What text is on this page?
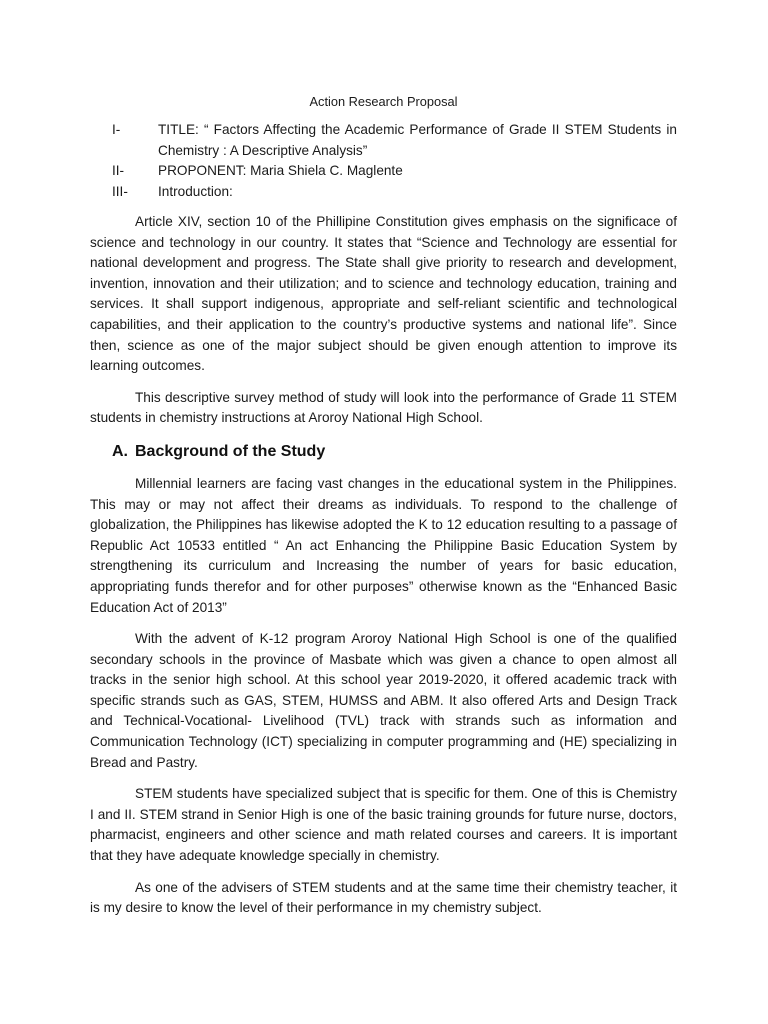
Action Research Proposal
I-	TITLE: “ Factors Affecting the Academic Performance of Grade II STEM Students in Chemistry : A Descriptive Analysis”
II-	PROPONENT: Maria Shiela C. Maglente
III-	Introduction:

Article XIV, section 10 of the Phillipine Constitution gives emphasis on the significace of science and technology in our country. It states that “Science and Technology are essential for national development and progress. The State shall give priority to research and development, invention, innovation and their utilization; and to science and technology education, training and services. It shall support indigenous, appropriate and self-reliant scientific and technological capabilities, and their application to the country’s productive systems and national life”. Since then, science as one of the major subject should be given enough attention to improve its learning outcomes.

This descriptive survey method of study will look into the performance of Grade 11 STEM students in chemistry instructions at Aroroy National High School.

A. Background of the Study

Millennial learners are facing vast changes in the educational system in the Philippines. This may or may not affect their dreams as individuals. To respond to the challenge of globalization, the Philippines has likewise adopted the K to 12 education resulting to a passage of Republic Act 10533 entitled “ An act Enhancing the Philippine Basic Education System by strengthening its curriculum and Increasing the number of years for basic education, appropriating funds therefor and for other purposes” otherwise known as the “Enhanced Basic Education Act of 2013”

With the advent of K-12 program Aroroy National High School is one of the qualified secondary schools in the province of Masbate which was given a chance to open almost all tracks in the senior high school. At this school year 2019-2020, it offered academic track with specific strands such as GAS, STEM, HUMSS and ABM. It also offered Arts and Design Track and Technical-Vocational- Livelihood (TVL) track with strands such as information and Communication Technology (ICT) specializing in computer programming and (HE) specializing in Bread and Pastry.

STEM students have specialized subject that is specific for them. One of this is Chemistry I and II. STEM strand in Senior High is one of the basic training grounds for future nurse, doctors, pharmacist, engineers and other science and math related courses and careers. It is important that they have adequate knowledge specially in chemistry.

As one of the advisers of STEM students and at the same time their chemistry teacher, it is my desire to know the level of their performance in my chemistry subject.
